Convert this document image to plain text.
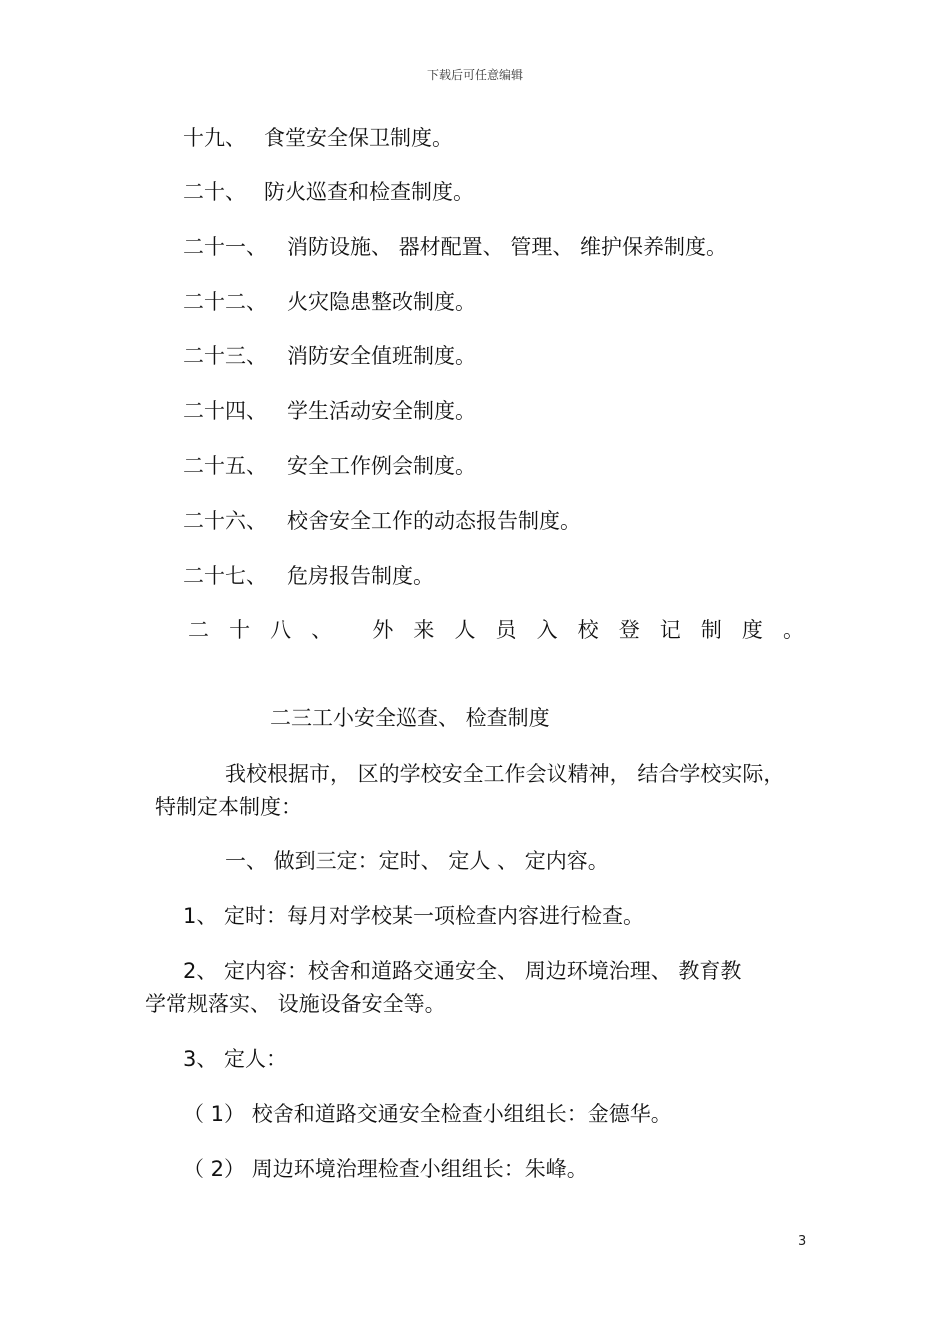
下载后可任意编辑
十九、 食堂安全保卫制度。
二十、 防火巡查和检查制度。
二十一、 消防设施、 器材配置、 管理、 维护保养制度。
二十二、 火灾隐患整改制度。
二十三、 消防安全值班制度。
二十四、 学生活动安全制度。
二十五、 安全工作例会制度。
二十六、 校舍安全工作的动态报告制度。
二十七、 危房报告制度。
二 十 八 、 外 来 人 员 入 校 登 记 制 度 。
二三工小安全巡查、 检查制度
我校根据市， 区的学校安全工作会议精神， 结合学校实际，
特制定本制度：
一、 做到三定：定时、 定人 、 定内容。
1、 定时：每月对学校某一项检查内容进行检查。
2、 定内容：校舍和道路交通安全、 周边环境治理、 教育教
学常规落实、 设施设备安全等。
3、 定人：
（ 1） 校舍和道路交通安全检查小组组长：金德华。
（ 2） 周边环境治理检查小组组长：朱峰。
3
